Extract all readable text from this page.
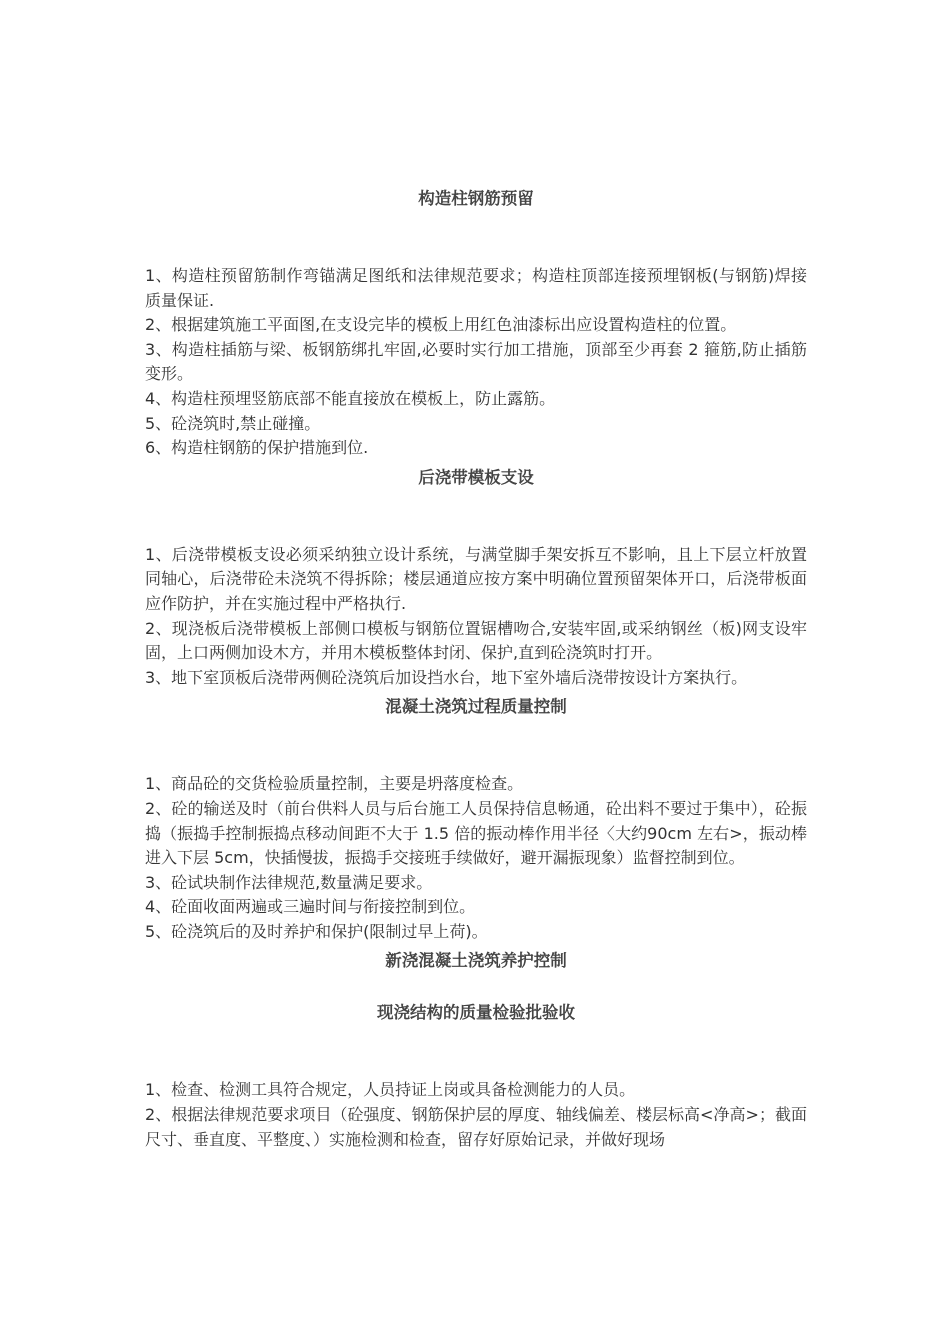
构造柱钢筋预留

1、构造柱预留筋制作弯锚满足图纸和法律规范要求；构造柱顶部连接预埋钢板(与钢筋)焊接质量保证.

2、根据建筑施工平面图,在支设完毕的模板上用红色油漆标出应设置构造柱的位置。

3、构造柱插筋与梁、板钢筋绑扎牢固,必要时实行加工措施，顶部至少再套 2 箍筋,防止插筋变形。

4、构造柱预埋竖筋底部不能直接放在模板上，防止露筋。

5、砼浇筑时,禁止碰撞。

6、构造柱钢筋的保护措施到位.

后浇带模板支设

1、后浇带模板支设必须采纳独立设计系统，与满堂脚手架安拆互不影响，且上下层立杆放置同轴心，后浇带砼未浇筑不得拆除；楼层通道应按方案中明确位置预留架体开口，后浇带板面应作防护，并在实施过程中严格执行.

2、现浇板后浇带模板上部侧口模板与钢筋位置锯槽吻合,安装牢固,或采纳钢丝（板)网支设牢固，上口两侧加设木方，并用木模板整体封闭、保护,直到砼浇筑时打开。

3、地下室顶板后浇带两侧砼浇筑后加设挡水台，地下室外墙后浇带按设计方案执行。

混凝土浇筑过程质量控制

1、商品砼的交货检验质量控制，主要是坍落度检查。

2、砼的输送及时（前台供料人员与后台施工人员保持信息畅通，砼出料不要过于集中），砼振捣（振捣手控制振捣点移动间距不大于 1.5 倍的振动棒作用半径〈大约90cm 左右>，振动棒进入下层 5cm，快插慢拔，振捣手交接班手续做好，避开漏振现象）监督控制到位。

3、砼试块制作法律规范,数量满足要求。

4、砼面收面两遍或三遍时间与衔接控制到位。

5、砼浇筑后的及时养护和保护(限制过早上荷)。

新浇混凝土浇筑养护控制
现浇结构的质量检验批验收

1、检查、检测工具符合规定，人员持证上岗或具备检测能力的人员。

2、根据法律规范要求项目（砼强度、钢筋保护层的厚度、轴线偏差、楼层标高<净高>；截面尺寸、垂直度、平整度、）实施检测和检查，留存好原始记录，并做好现场
